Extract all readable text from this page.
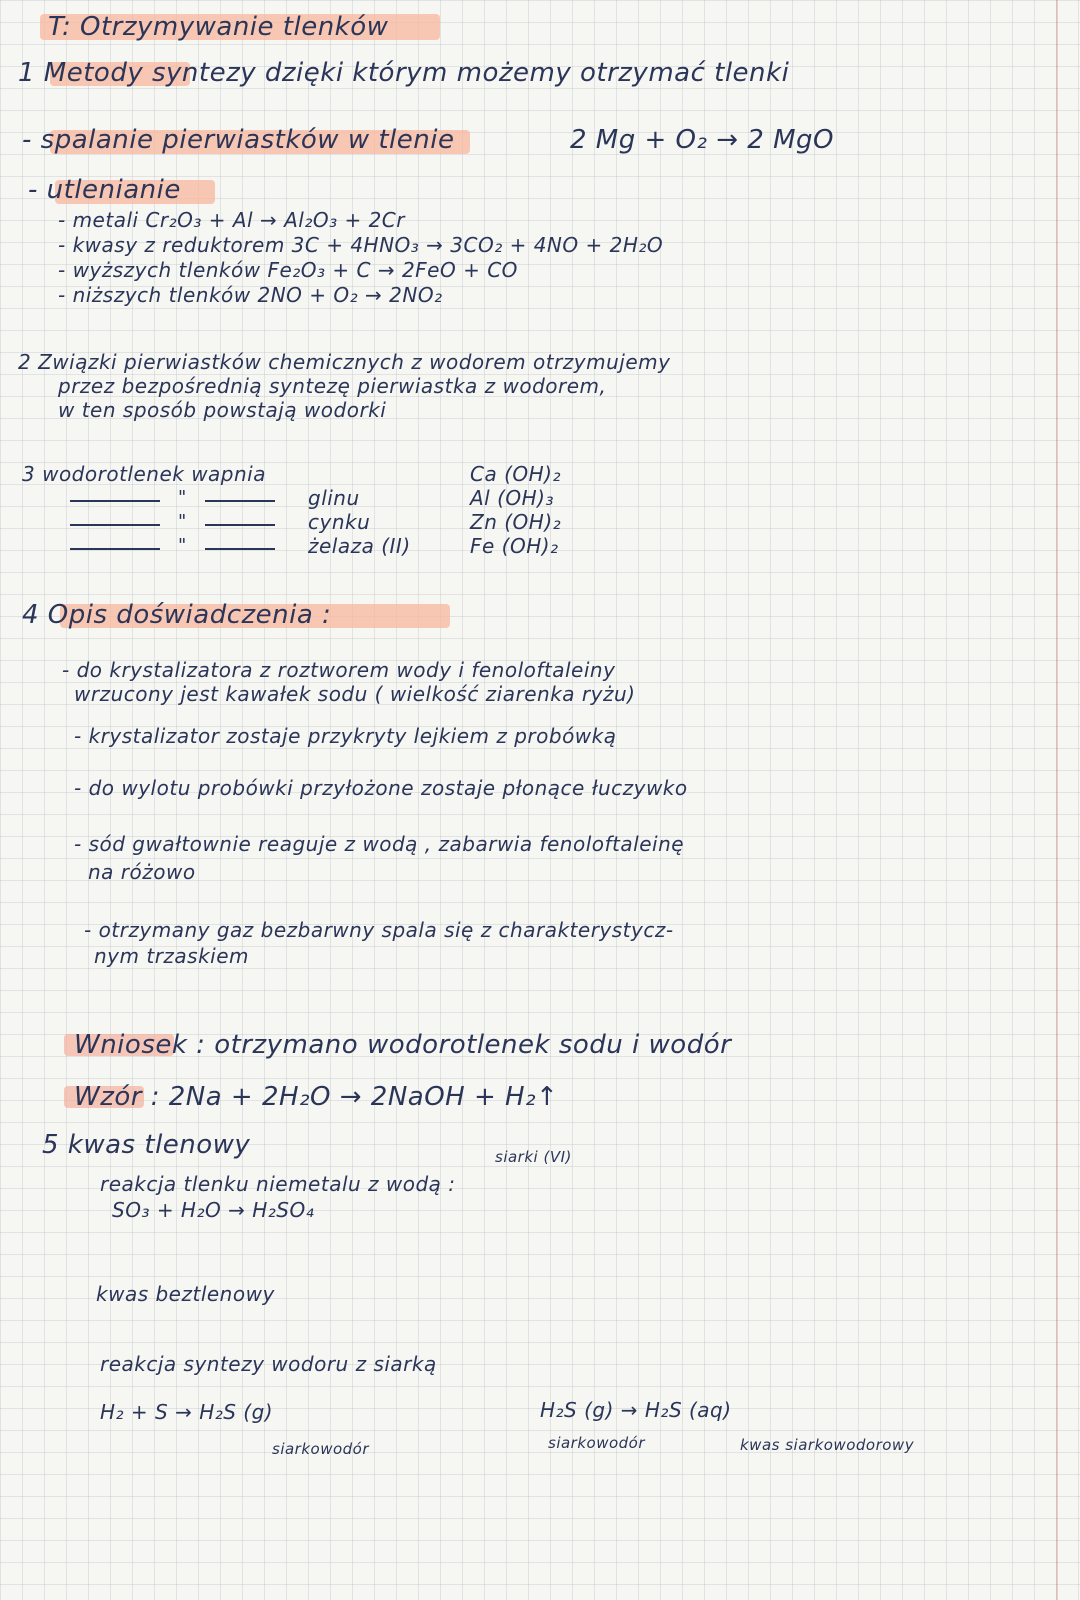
T: Otrzymywanie tlenków
1 Metody syntezy dzięki którym możemy otrzymać tlenki
- spalanie pierwiastków w tlenie	2 Mg + O₂ → 2 MgO
- utlenianie
- metali Cr₂O₃ + Al → Al₂O₃ + 2Cr
- kwasy z reduktorem 3C + 4HNO₃ → 3CO₂ + 4NO + 2H₂O
- wyższych tlenków Fe₂O₃ + C → 2FeO + CO
- niższych tlenków 2NO + O₂ → 2NO₂
2 Związki pierwiastków chemicznych z wodorem otrzymujemy
przez bezpośrednią syntezę pierwiastka z wodorem,
w ten sposób powstają wodorki
3 wodorotlenek wapnia	Ca (OH)₂
"	glinu	Al (OH)₃
"	cynku	Zn (OH)₂
"	żelaza (II)	Fe (OH)₂
4 Opis doświadczenia :
- do krystalizatora z roztworem wody i fenoloftaleiny
wrzucony jest kawałek sodu ( wielkość ziarenka ryżu)
- krystalizator zostaje przykryty lejkiem z probówką
- do wylotu probówki przyłożone zostaje płonące łuczywko
- sód gwałtownie reaguje z wodą , zabarwia fenoloftaleinę
na różowo
- otrzymany gaz bezbarwny spala się z charakterystycz-
nym trzaskiem
Wniosek : otrzymano wodorotlenek sodu i wodór
Wzór : 2Na + 2H₂O → 2NaOH + H₂↑
5 kwas tlenowy	siarki (VI)
reakcja tlenku niemetalu z wodą :
SO₃ + H₂O → H₂SO₄
kwas beztlenowy
reakcja syntezy wodoru z siarką
H₂ + S → H₂S (g)
siarkowodór
H₂S (g) → H₂S (aq)
siarkowodór	kwas siarkowodorowy
